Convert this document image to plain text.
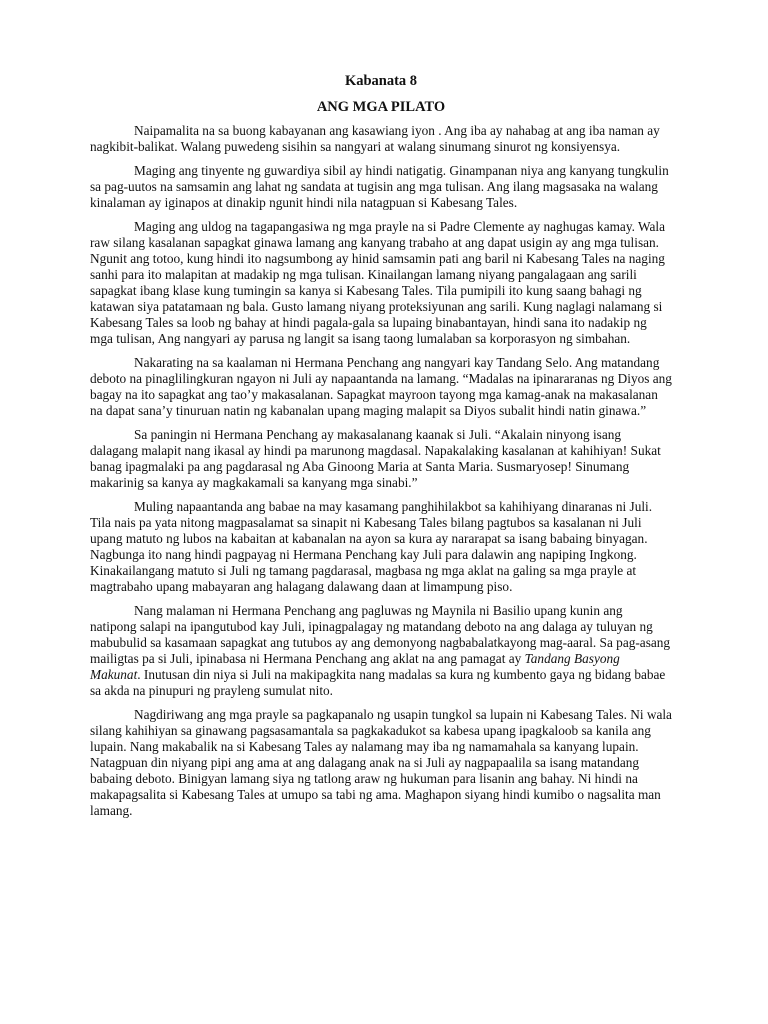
Kabanata 8
ANG MGA PILATO

Naipamalita na sa buong kabayanan ang kasawiang iyon . Ang iba ay nahabag at ang iba naman ay nagkibit-balikat. Walang puwedeng sisihin sa nangyari at walang sinumang sinurot ng konsiyensya.

Maging ang tinyente ng guwardiya sibil ay hindi natigatig. Ginampanan niya ang kanyang tungkulin sa pag-uutos na samsamin ang lahat ng sandata at tugisin ang mga tulisan. Ang ilang magsasaka na walang kinalaman ay iginapos at dinakip ngunit hindi nila natagpuan si Kabesang Tales.

Maging ang uldog na tagapangasiwa ng mga prayle na si Padre Clemente ay naghugas kamay. Wala raw silang kasalanan sapagkat ginawa lamang ang kanyang trabaho at ang dapat usigin ay ang mga tulisan. Ngunit ang totoo, kung hindi ito nagsumbong ay hinid samsamin pati ang baril ni Kabesang Tales na naging sanhi para ito malapitan at madakip ng mga tulisan. Kinailangan lamang niyang pangalagaan ang sarili sapagkat ibang klase kung tumingin sa kanya si Kabesang Tales. Tila pumipili ito kung saang bahagi ng katawan siya patatamaan ng bala. Gusto lamang niyang proteksiyunan ang sarili. Kung naglagi nalamang si Kabesang Tales sa loob ng bahay at hindi pagala-gala sa lupaing binabantayan, hindi sana ito nadakip ng mga tulisan, Ang nangyari ay parusa ng langit sa isang taong lumalaban sa korporasyon ng simbahan.

Nakarating na sa kaalaman ni Hermana Penchang ang nangyari kay Tandang Selo. Ang matandang deboto na pinaglilingkuran ngayon ni Juli ay napaantanda na lamang. “Madalas na ipinararanas ng Diyos ang bagay na ito sapagkat ang tao’y makasalanan. Sapagkat mayroon tayong mga kamag-anak na makasalanan na dapat sana’y tinuruan natin ng kabanalan upang maging malapit sa Diyos subalit hindi natin ginawa.”

Sa paningin ni Hermana Penchang ay makasalanang kaanak si Juli. “Akalain ninyong isang dalagang malapit nang ikasal ay hindi pa marunong magdasal. Napakalaking kasalanan at kahihiyan! Sukat banag ipagmalaki pa ang pagdarasal ng Aba Ginoong Maria at Santa Maria. Susmaryosep! Sinumang makarinig sa kanya ay magkakamali sa kanyang mga sinabi.”

Muling napaantanda ang babae na may kasamang panghihilakbot sa kahihiyang dinaranas ni Juli. Tila nais pa yata nitong magpasalamat sa sinapit ni Kabesang Tales bilang pagtubos sa kasalanan ni Juli upang matuto ng lubos na kabaitan at kabanalan na ayon sa kura ay nararapat sa isang babaing binyagan. Nagbunga ito nang hindi pagpayag ni Hermana Penchang kay Juli para dalawin ang napiping Ingkong. Kinakailangang matuto si Juli ng tamang pagdarasal, magbasa ng mga aklat na galing sa mga prayle at magtrabaho upang mabayaran ang halagang dalawang daan at limampung piso.

Nang malaman ni Hermana Penchang ang pagluwas ng Maynila ni Basilio upang kunin ang natipong salapi na ipangutubod kay Juli, ipinagpalagay ng matandang deboto na ang dalaga ay tuluyan ng mabubulid sa kasamaan sapagkat ang tutubos ay ang demonyong nagbabalatkayong mag-aaral. Sa pag-asang mailigtas pa si Juli, ipinabasa ni Hermana Penchang ang aklat na ang pamagat ay Tandang Basyong Makunat. Inutusan din niya si Juli na makipagkita nang madalas sa kura ng kumbento gaya ng bidang babae sa akda na pinupuri ng prayleng sumulat nito.

Nagdiriwang ang mga prayle sa pagkapanalo ng usapin tungkol sa lupain ni Kabesang Tales. Ni wala silang kahihiyan sa ginawang pagsasamantala sa pagkakadukot sa kabesa upang ipagkaloob sa kanila ang lupain. Nang makabalik na si Kabesang Tales ay nalamang may iba ng namamahala sa kanyang lupain. Natagpuan din niyang pipi ang ama at ang dalagang anak na si Juli ay nagpapaalila sa isang matandang babaing deboto. Binigyan lamang siya ng tatlong araw ng hukuman para lisanin ang bahay. Ni hindi na makapagsalita si Kabesang Tales at umupo sa tabi ng ama. Maghapon siyang hindi kumibo o nagsalita man lamang.
